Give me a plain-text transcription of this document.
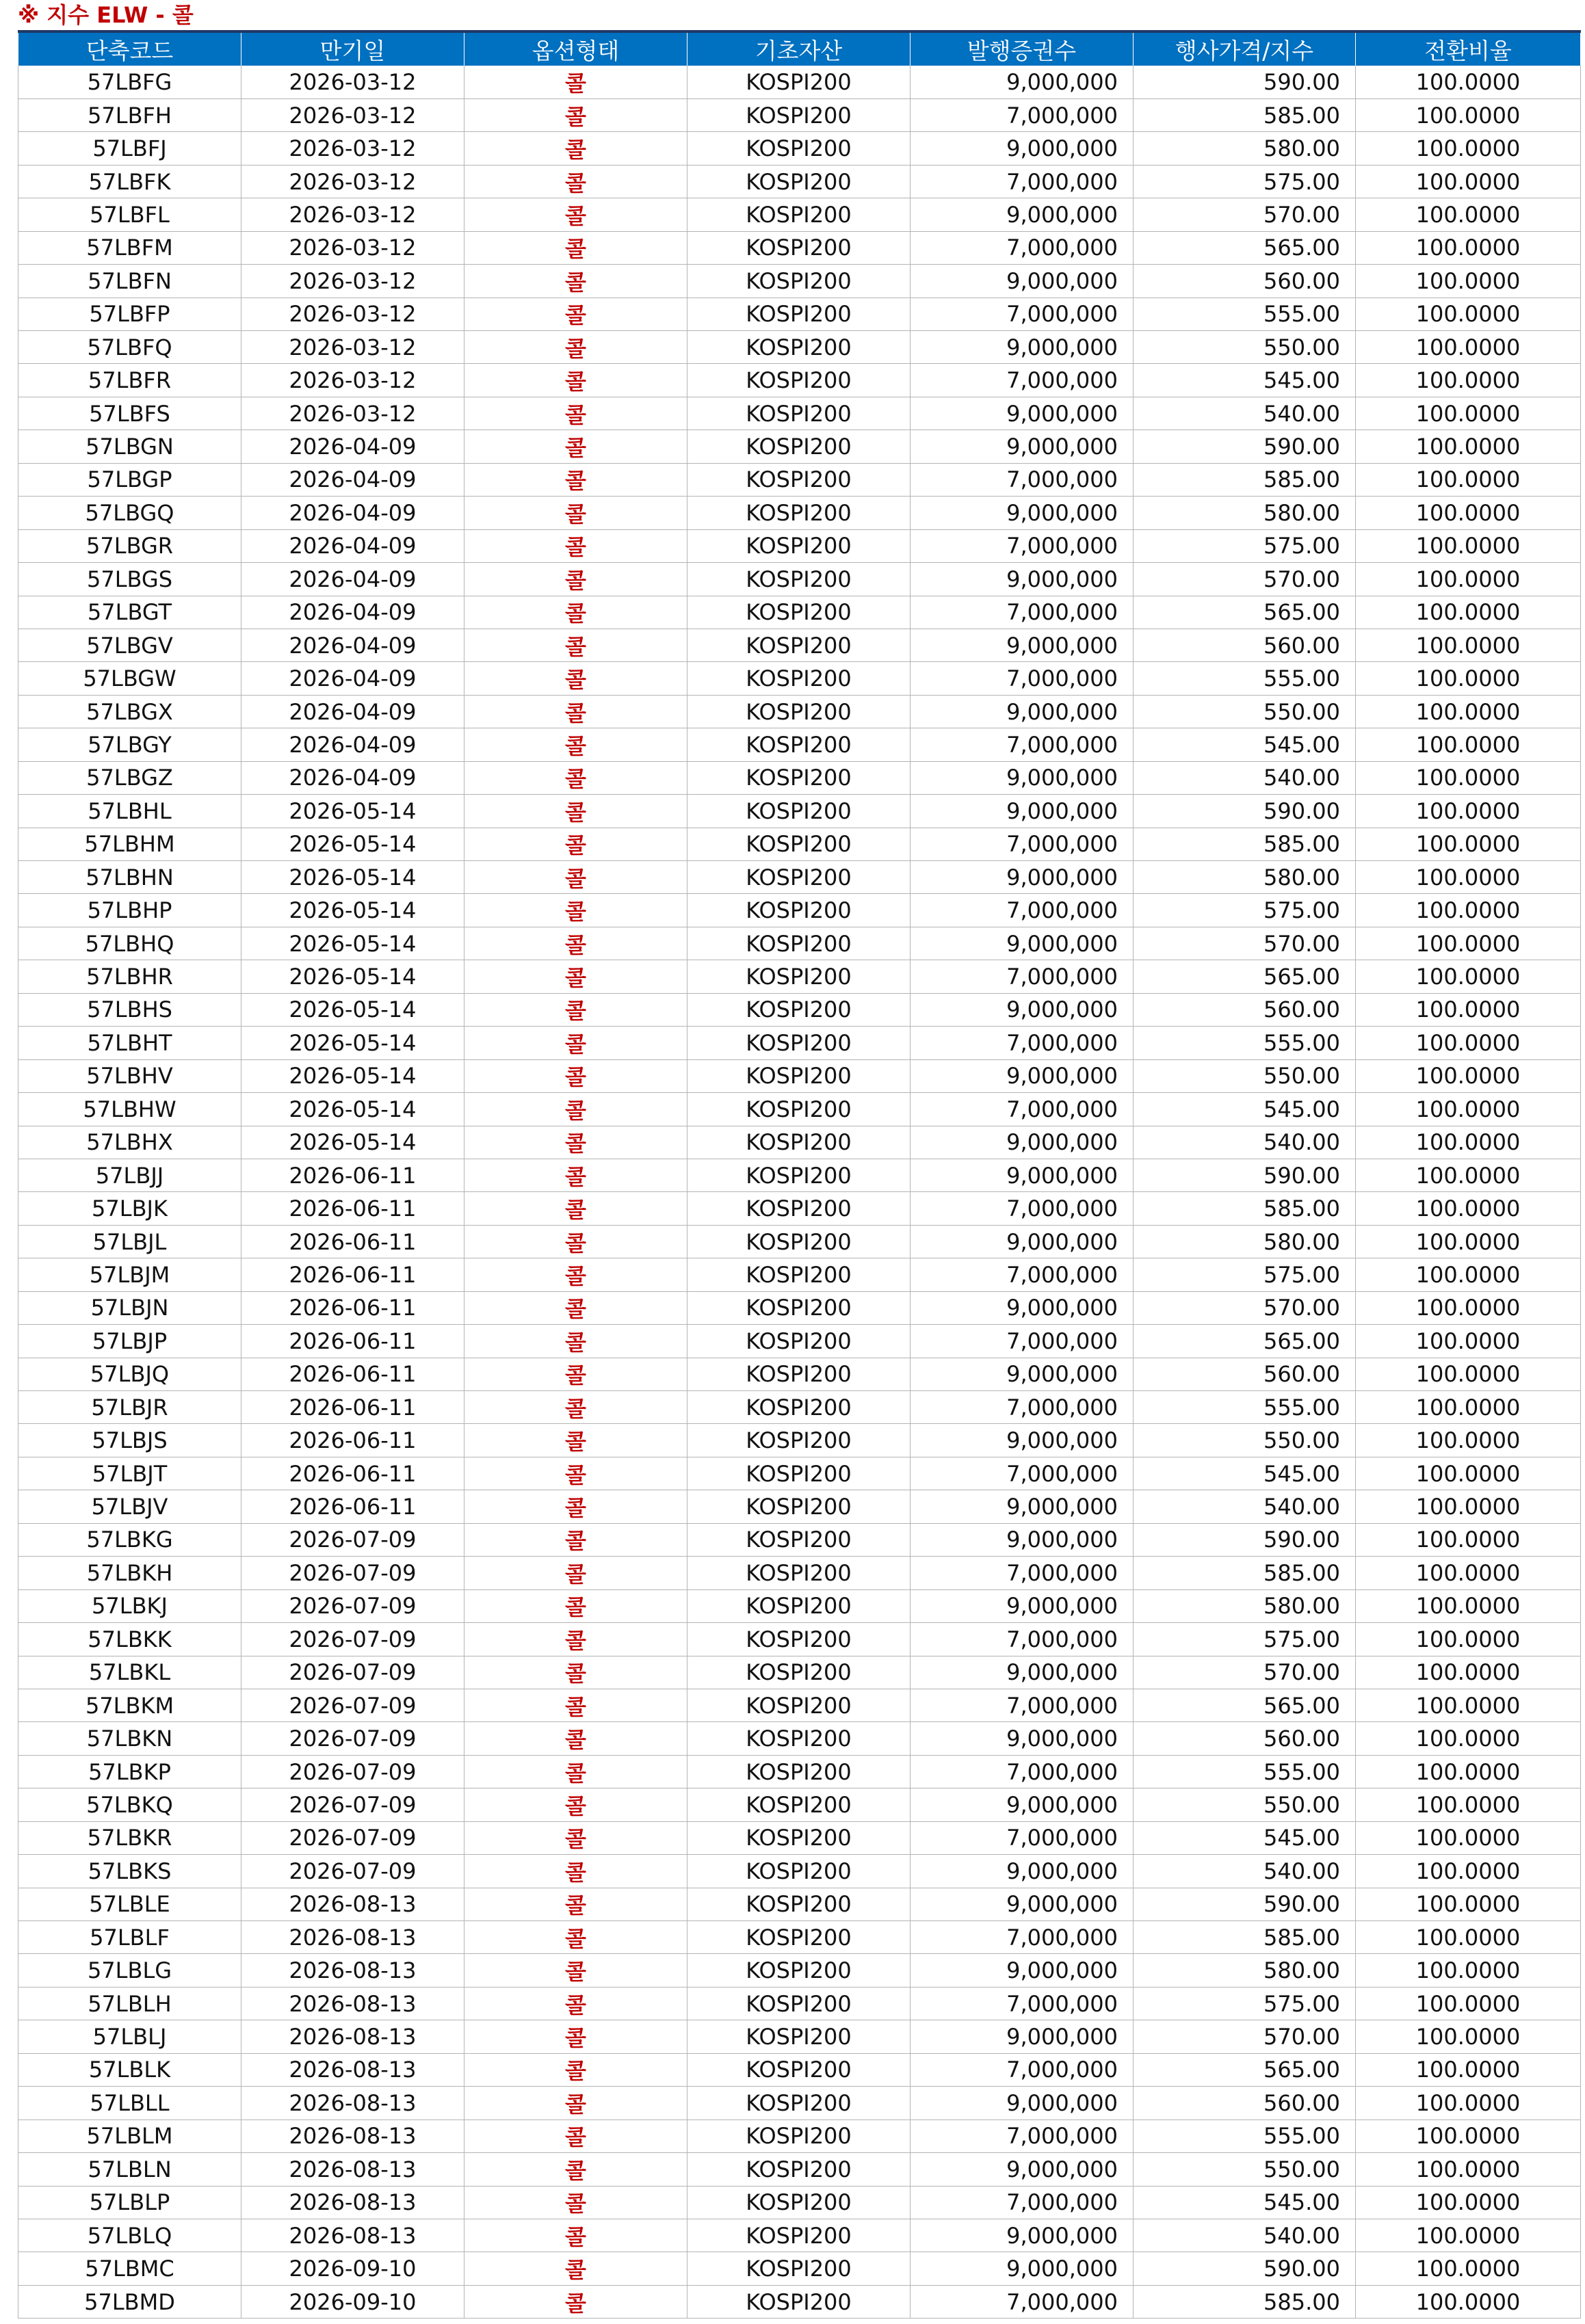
※ 지수 ELW - 콜
단축코드	만기일	옵션형태	기초자산	발행증권수	행사가격/지수	전환비율
57LBFG	2026-03-12	콜	KOSPI200	9,000,000	590.00	100.0000
57LBFH	2026-03-12	콜	KOSPI200	7,000,000	585.00	100.0000
57LBFJ	2026-03-12	콜	KOSPI200	9,000,000	580.00	100.0000
57LBFK	2026-03-12	콜	KOSPI200	7,000,000	575.00	100.0000
57LBFL	2026-03-12	콜	KOSPI200	9,000,000	570.00	100.0000
57LBFM	2026-03-12	콜	KOSPI200	7,000,000	565.00	100.0000
57LBFN	2026-03-12	콜	KOSPI200	9,000,000	560.00	100.0000
57LBFP	2026-03-12	콜	KOSPI200	7,000,000	555.00	100.0000
57LBFQ	2026-03-12	콜	KOSPI200	9,000,000	550.00	100.0000
57LBFR	2026-03-12	콜	KOSPI200	7,000,000	545.00	100.0000
57LBFS	2026-03-12	콜	KOSPI200	9,000,000	540.00	100.0000
57LBGN	2026-04-09	콜	KOSPI200	9,000,000	590.00	100.0000
57LBGP	2026-04-09	콜	KOSPI200	7,000,000	585.00	100.0000
57LBGQ	2026-04-09	콜	KOSPI200	9,000,000	580.00	100.0000
57LBGR	2026-04-09	콜	KOSPI200	7,000,000	575.00	100.0000
57LBGS	2026-04-09	콜	KOSPI200	9,000,000	570.00	100.0000
57LBGT	2026-04-09	콜	KOSPI200	7,000,000	565.00	100.0000
57LBGV	2026-04-09	콜	KOSPI200	9,000,000	560.00	100.0000
57LBGW	2026-04-09	콜	KOSPI200	7,000,000	555.00	100.0000
57LBGX	2026-04-09	콜	KOSPI200	9,000,000	550.00	100.0000
57LBGY	2026-04-09	콜	KOSPI200	7,000,000	545.00	100.0000
57LBGZ	2026-04-09	콜	KOSPI200	9,000,000	540.00	100.0000
57LBHL	2026-05-14	콜	KOSPI200	9,000,000	590.00	100.0000
57LBHM	2026-05-14	콜	KOSPI200	7,000,000	585.00	100.0000
57LBHN	2026-05-14	콜	KOSPI200	9,000,000	580.00	100.0000
57LBHP	2026-05-14	콜	KOSPI200	7,000,000	575.00	100.0000
57LBHQ	2026-05-14	콜	KOSPI200	9,000,000	570.00	100.0000
57LBHR	2026-05-14	콜	KOSPI200	7,000,000	565.00	100.0000
57LBHS	2026-05-14	콜	KOSPI200	9,000,000	560.00	100.0000
57LBHT	2026-05-14	콜	KOSPI200	7,000,000	555.00	100.0000
57LBHV	2026-05-14	콜	KOSPI200	9,000,000	550.00	100.0000
57LBHW	2026-05-14	콜	KOSPI200	7,000,000	545.00	100.0000
57LBHX	2026-05-14	콜	KOSPI200	9,000,000	540.00	100.0000
57LBJJ	2026-06-11	콜	KOSPI200	9,000,000	590.00	100.0000
57LBJK	2026-06-11	콜	KOSPI200	7,000,000	585.00	100.0000
57LBJL	2026-06-11	콜	KOSPI200	9,000,000	580.00	100.0000
57LBJM	2026-06-11	콜	KOSPI200	7,000,000	575.00	100.0000
57LBJN	2026-06-11	콜	KOSPI200	9,000,000	570.00	100.0000
57LBJP	2026-06-11	콜	KOSPI200	7,000,000	565.00	100.0000
57LBJQ	2026-06-11	콜	KOSPI200	9,000,000	560.00	100.0000
57LBJR	2026-06-11	콜	KOSPI200	7,000,000	555.00	100.0000
57LBJS	2026-06-11	콜	KOSPI200	9,000,000	550.00	100.0000
57LBJT	2026-06-11	콜	KOSPI200	7,000,000	545.00	100.0000
57LBJV	2026-06-11	콜	KOSPI200	9,000,000	540.00	100.0000
57LBKG	2026-07-09	콜	KOSPI200	9,000,000	590.00	100.0000
57LBKH	2026-07-09	콜	KOSPI200	7,000,000	585.00	100.0000
57LBKJ	2026-07-09	콜	KOSPI200	9,000,000	580.00	100.0000
57LBKK	2026-07-09	콜	KOSPI200	7,000,000	575.00	100.0000
57LBKL	2026-07-09	콜	KOSPI200	9,000,000	570.00	100.0000
57LBKM	2026-07-09	콜	KOSPI200	7,000,000	565.00	100.0000
57LBKN	2026-07-09	콜	KOSPI200	9,000,000	560.00	100.0000
57LBKP	2026-07-09	콜	KOSPI200	7,000,000	555.00	100.0000
57LBKQ	2026-07-09	콜	KOSPI200	9,000,000	550.00	100.0000
57LBKR	2026-07-09	콜	KOSPI200	7,000,000	545.00	100.0000
57LBKS	2026-07-09	콜	KOSPI200	9,000,000	540.00	100.0000
57LBLE	2026-08-13	콜	KOSPI200	9,000,000	590.00	100.0000
57LBLF	2026-08-13	콜	KOSPI200	7,000,000	585.00	100.0000
57LBLG	2026-08-13	콜	KOSPI200	9,000,000	580.00	100.0000
57LBLH	2026-08-13	콜	KOSPI200	7,000,000	575.00	100.0000
57LBLJ	2026-08-13	콜	KOSPI200	9,000,000	570.00	100.0000
57LBLK	2026-08-13	콜	KOSPI200	7,000,000	565.00	100.0000
57LBLL	2026-08-13	콜	KOSPI200	9,000,000	560.00	100.0000
57LBLM	2026-08-13	콜	KOSPI200	7,000,000	555.00	100.0000
57LBLN	2026-08-13	콜	KOSPI200	9,000,000	550.00	100.0000
57LBLP	2026-08-13	콜	KOSPI200	7,000,000	545.00	100.0000
57LBLQ	2026-08-13	콜	KOSPI200	9,000,000	540.00	100.0000
57LBMC	2026-09-10	콜	KOSPI200	9,000,000	590.00	100.0000
57LBMD	2026-09-10	콜	KOSPI200	7,000,000	585.00	100.0000
